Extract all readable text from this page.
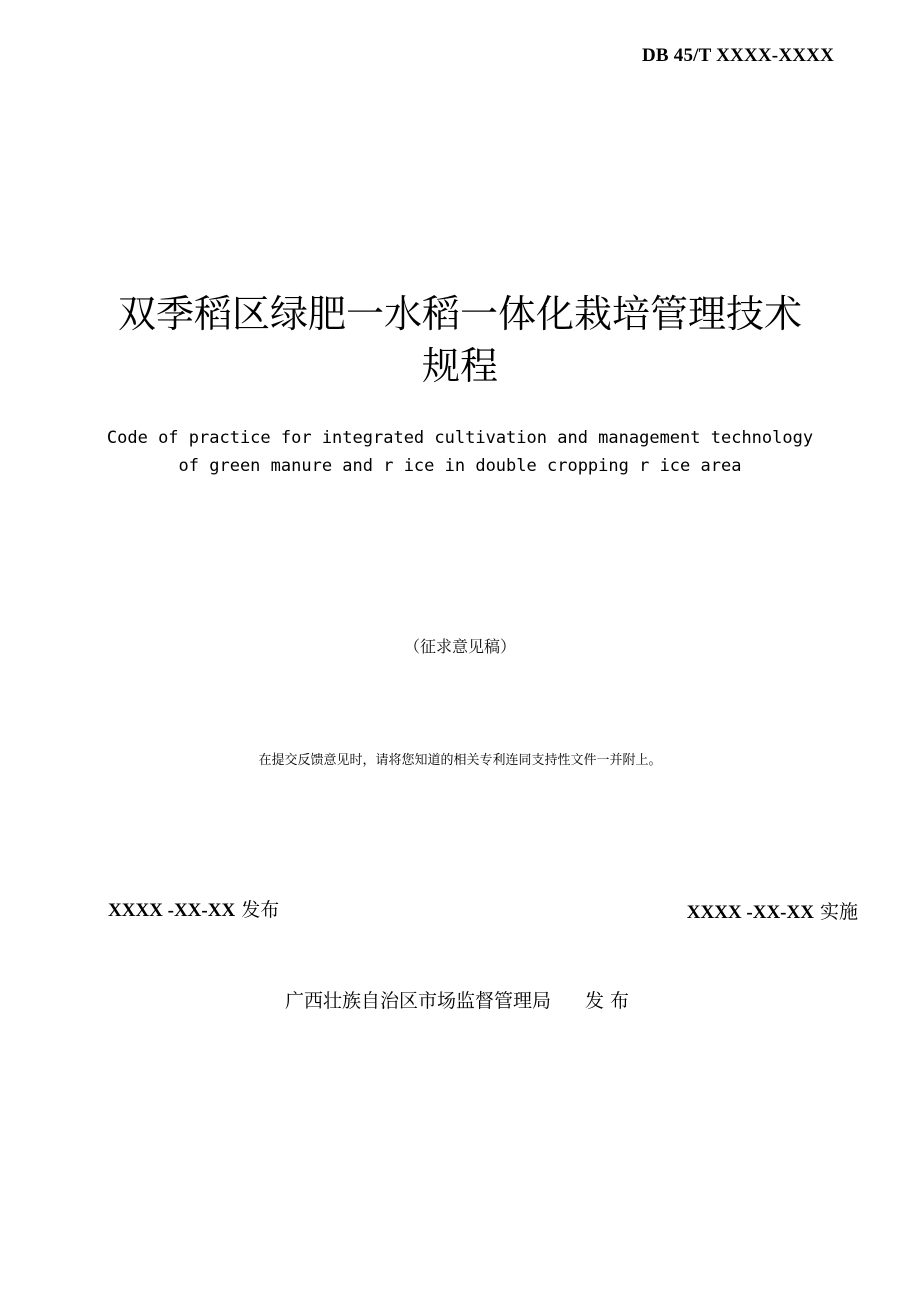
DB 45/T XXXX-XXXX
双季稻区绿肥一水稻一体化栽培管理技术
规程
Code of practice for integrated cultivation and management technology
of green manure and r ice in double cropping r ice area
（征求意见稿）
在提交反馈意见时，请将您知道的相关专利连同支持性文件一并附上。
XXXX -XX-XX 发布	XXXX -XX-XX 实施
广西壮族自治区市场监督管理局 发 布
